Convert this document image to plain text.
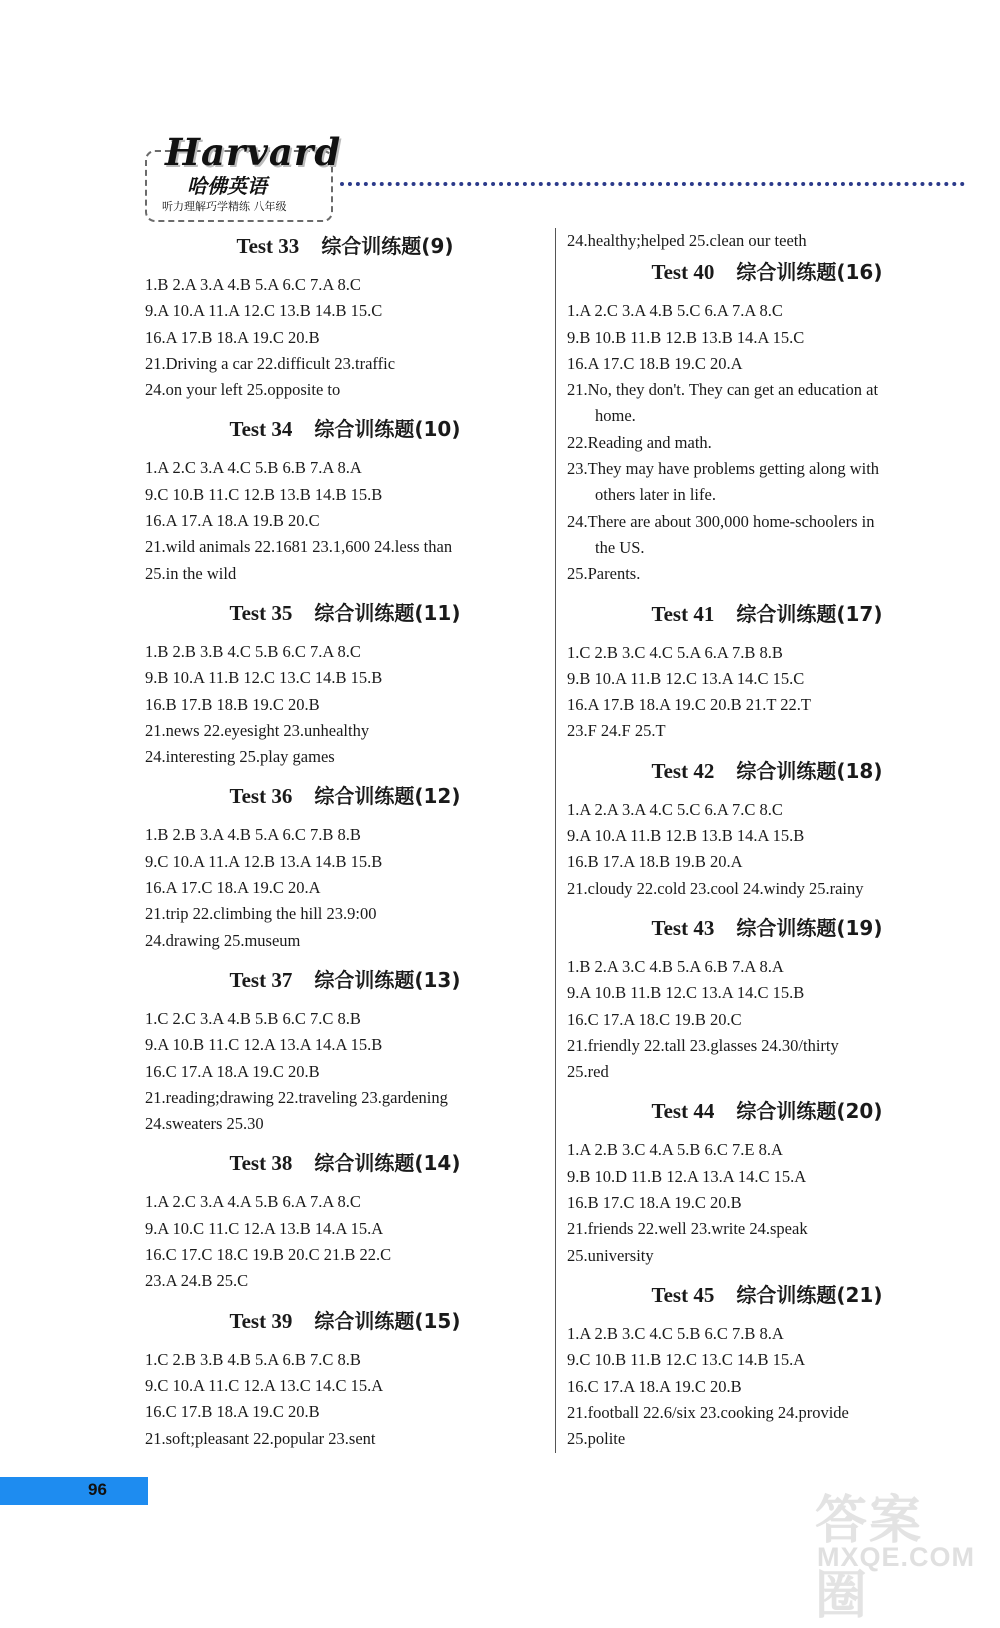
Harvard
哈佛英语
听力理解巧学精练 八年级
Test 33 综合训练题(9)
1.B 2.A 3.A 4.B 5.A 6.C 7.A 8.C
9.A 10.A 11.A 12.C 13.B 14.B 15.C
16.A 17.B 18.A 19.C 20.B
21.Driving a car 22.difficult 23.traffic
24.on your left 25.opposite to
Test 34 综合训练题(10)
1.A 2.C 3.A 4.C 5.B 6.B 7.A 8.A
9.C 10.B 11.C 12.B 13.B 14.B 15.B
16.A 17.A 18.A 19.B 20.C
21.wild animals 22.1681 23.1,600 24.less than
25.in the wild
Test 35 综合训练题(11)
1.B 2.B 3.B 4.C 5.B 6.C 7.A 8.C
9.B 10.A 11.B 12.C 13.C 14.B 15.B
16.B 17.B 18.B 19.C 20.B
21.news 22.eyesight 23.unhealthy
24.interesting 25.play games
Test 36 综合训练题(12)
1.B 2.B 3.A 4.B 5.A 6.C 7.B 8.B
9.C 10.A 11.A 12.B 13.A 14.B 15.B
16.A 17.C 18.A 19.C 20.A
21.trip 22.climbing the hill 23.9:00
24.drawing 25.museum
Test 37 综合训练题(13)
1.C 2.C 3.A 4.B 5.B 6.C 7.C 8.B
9.A 10.B 11.C 12.A 13.A 14.A 15.B
16.C 17.A 18.A 19.C 20.B
21.reading;drawing 22.traveling 23.gardening
24.sweaters 25.30
Test 38 综合训练题(14)
1.A 2.C 3.A 4.A 5.B 6.A 7.A 8.C
9.A 10.C 11.C 12.A 13.B 14.A 15.A
16.C 17.C 18.C 19.B 20.C 21.B 22.C
23.A 24.B 25.C
Test 39 综合训练题(15)
1.C 2.B 3.B 4.B 5.A 6.B 7.C 8.B
9.C 10.A 11.C 12.A 13.C 14.C 15.A
16.C 17.B 18.A 19.C 20.B
21.soft;pleasant 22.popular 23.sent
24.healthy;helped 25.clean our teeth
Test 40 综合训练题(16)
1.A 2.C 3.A 4.B 5.C 6.A 7.A 8.C
9.B 10.B 11.B 12.B 13.B 14.A 15.C
16.A 17.C 18.B 19.C 20.A
21.No, they don't. They can get an education at
home.
22.Reading and math.
23.They may have problems getting along with
others later in life.
24.There are about 300,000 home-schoolers in
the US.
25.Parents.
Test 41 综合训练题(17)
1.C 2.B 3.C 4.C 5.A 6.A 7.B 8.B
9.B 10.A 11.B 12.C 13.A 14.C 15.C
16.A 17.B 18.A 19.C 20.B 21.T 22.T
23.F 24.F 25.T
Test 42 综合训练题(18)
1.A 2.A 3.A 4.C 5.C 6.A 7.C 8.C
9.A 10.A 11.B 12.B 13.B 14.A 15.B
16.B 17.A 18.B 19.B 20.A
21.cloudy 22.cold 23.cool 24.windy 25.rainy
Test 43 综合训练题(19)
1.B 2.A 3.C 4.B 5.A 6.B 7.A 8.A
9.A 10.B 11.B 12.C 13.A 14.C 15.B
16.C 17.A 18.C 19.B 20.C
21.friendly 22.tall 23.glasses 24.30/thirty
25.red
Test 44 综合训练题(20)
1.A 2.B 3.C 4.A 5.B 6.C 7.E 8.A
9.B 10.D 11.B 12.A 13.A 14.C 15.A
16.B 17.C 18.A 19.C 20.B
21.friends 22.well 23.write 24.speak
25.university
Test 45 综合训练题(21)
1.A 2.B 3.C 4.C 5.B 6.C 7.B 8.A
9.C 10.B 11.B 12.C 13.C 14.B 15.A
16.C 17.A 18.A 19.C 20.B
21.football 22.6/six 23.cooking 24.provide
25.polite
96
答案圈
MXQE.COM
